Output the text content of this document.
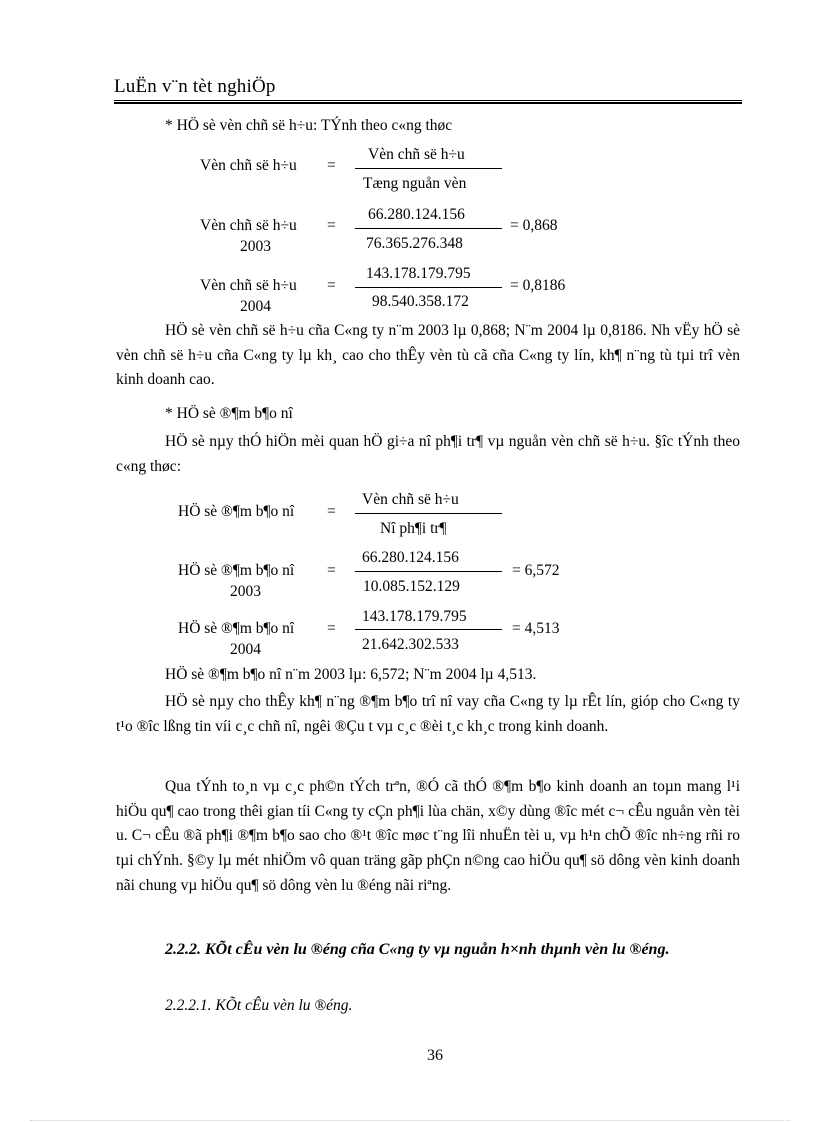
LuËn v¨n tèt nghiÖp
* HÖ sè vèn chñ së h÷u: TÝnh theo c«ng thøc
Vèn chñ së h÷u =
Vèn chñ së h÷u
Tæng nguån vèn
Vèn chñ së h÷u =
2003
66.280.124.156
76.365.276.348
= 0,868
Vèn chñ së h÷u =
2004
143.178.179.795
98.540.358.172
= 0,8186
HÖ sè vèn chñ së h÷u cña C«ng ty n¨m 2003 lµ 0,868; N¨m 2004 lµ 0,8186. Nh vËy hÖ sè vèn chñ së h÷u cña C«ng ty lµ kh¸ cao cho thÊy vèn tù cã cña C«ng ty lín, kh¶ n¨ng tù tµi trî vèn kinh doanh cao.
* HÖ sè ®¶m b¶o nî
HÖ sè nµy thÓ hiÖn mèi quan hÖ gi÷a nî ph¶i tr¶ vµ nguån vèn chñ së h÷u. §îc tÝnh theo c«ng thøc:
HÖ sè ®¶m b¶o nî =
Vèn chñ së h÷u
Nî ph¶i tr¶
HÖ sè ®¶m b¶o nî =
2003
66.280.124.156
10.085.152.129
= 6,572
HÖ sè ®¶m b¶o nî =
2004
143.178.179.795
21.642.302.533
= 4,513
HÖ sè ®¶m b¶o nî n¨m 2003 lµ: 6,572; N¨m 2004 lµ 4,513.
HÖ sè nµy cho thÊy kh¶ n¨ng ®¶m b¶o trî nî vay cña C«ng ty lµ rÊt lín, gióp cho C«ng ty t¹o ®îc lßng tin víi c¸c chñ nî, ngêi ®Çu t vµ c¸c ®èi t¸c kh¸c trong kinh doanh.
Qua tÝnh to¸n vµ c¸c ph©n tÝch trªn, ®Ó cã thÓ ®¶m b¶o kinh doanh an toµn mang l¹i hiÖu qu¶ cao trong thêi gian tíi C«ng ty cÇn ph¶i lùa chän, x©y dùng ®îc mét c¬ cÊu nguån vèn tèi u. C¬ cÊu ®ã ph¶i ®¶m b¶o sao cho ®¹t ®îc møc t¨ng lîi nhuËn tèi u, vµ h¹n chÕ ®îc nh÷ng rñi ro tµi chÝnh. §©y lµ mét nhiÖm vô quan träng gãp phÇn n©ng cao hiÖu qu¶ sö dông vèn kinh doanh nãi chung vµ hiÖu qu¶ sö dông vèn lu ®éng nãi riªng.
2.2.2. KÕt cÊu vèn lu ®éng cña C«ng ty vµ nguån h×nh thµnh vèn lu ®éng.
2.2.2.1. KÕt cÊu vèn lu ®éng.
36
